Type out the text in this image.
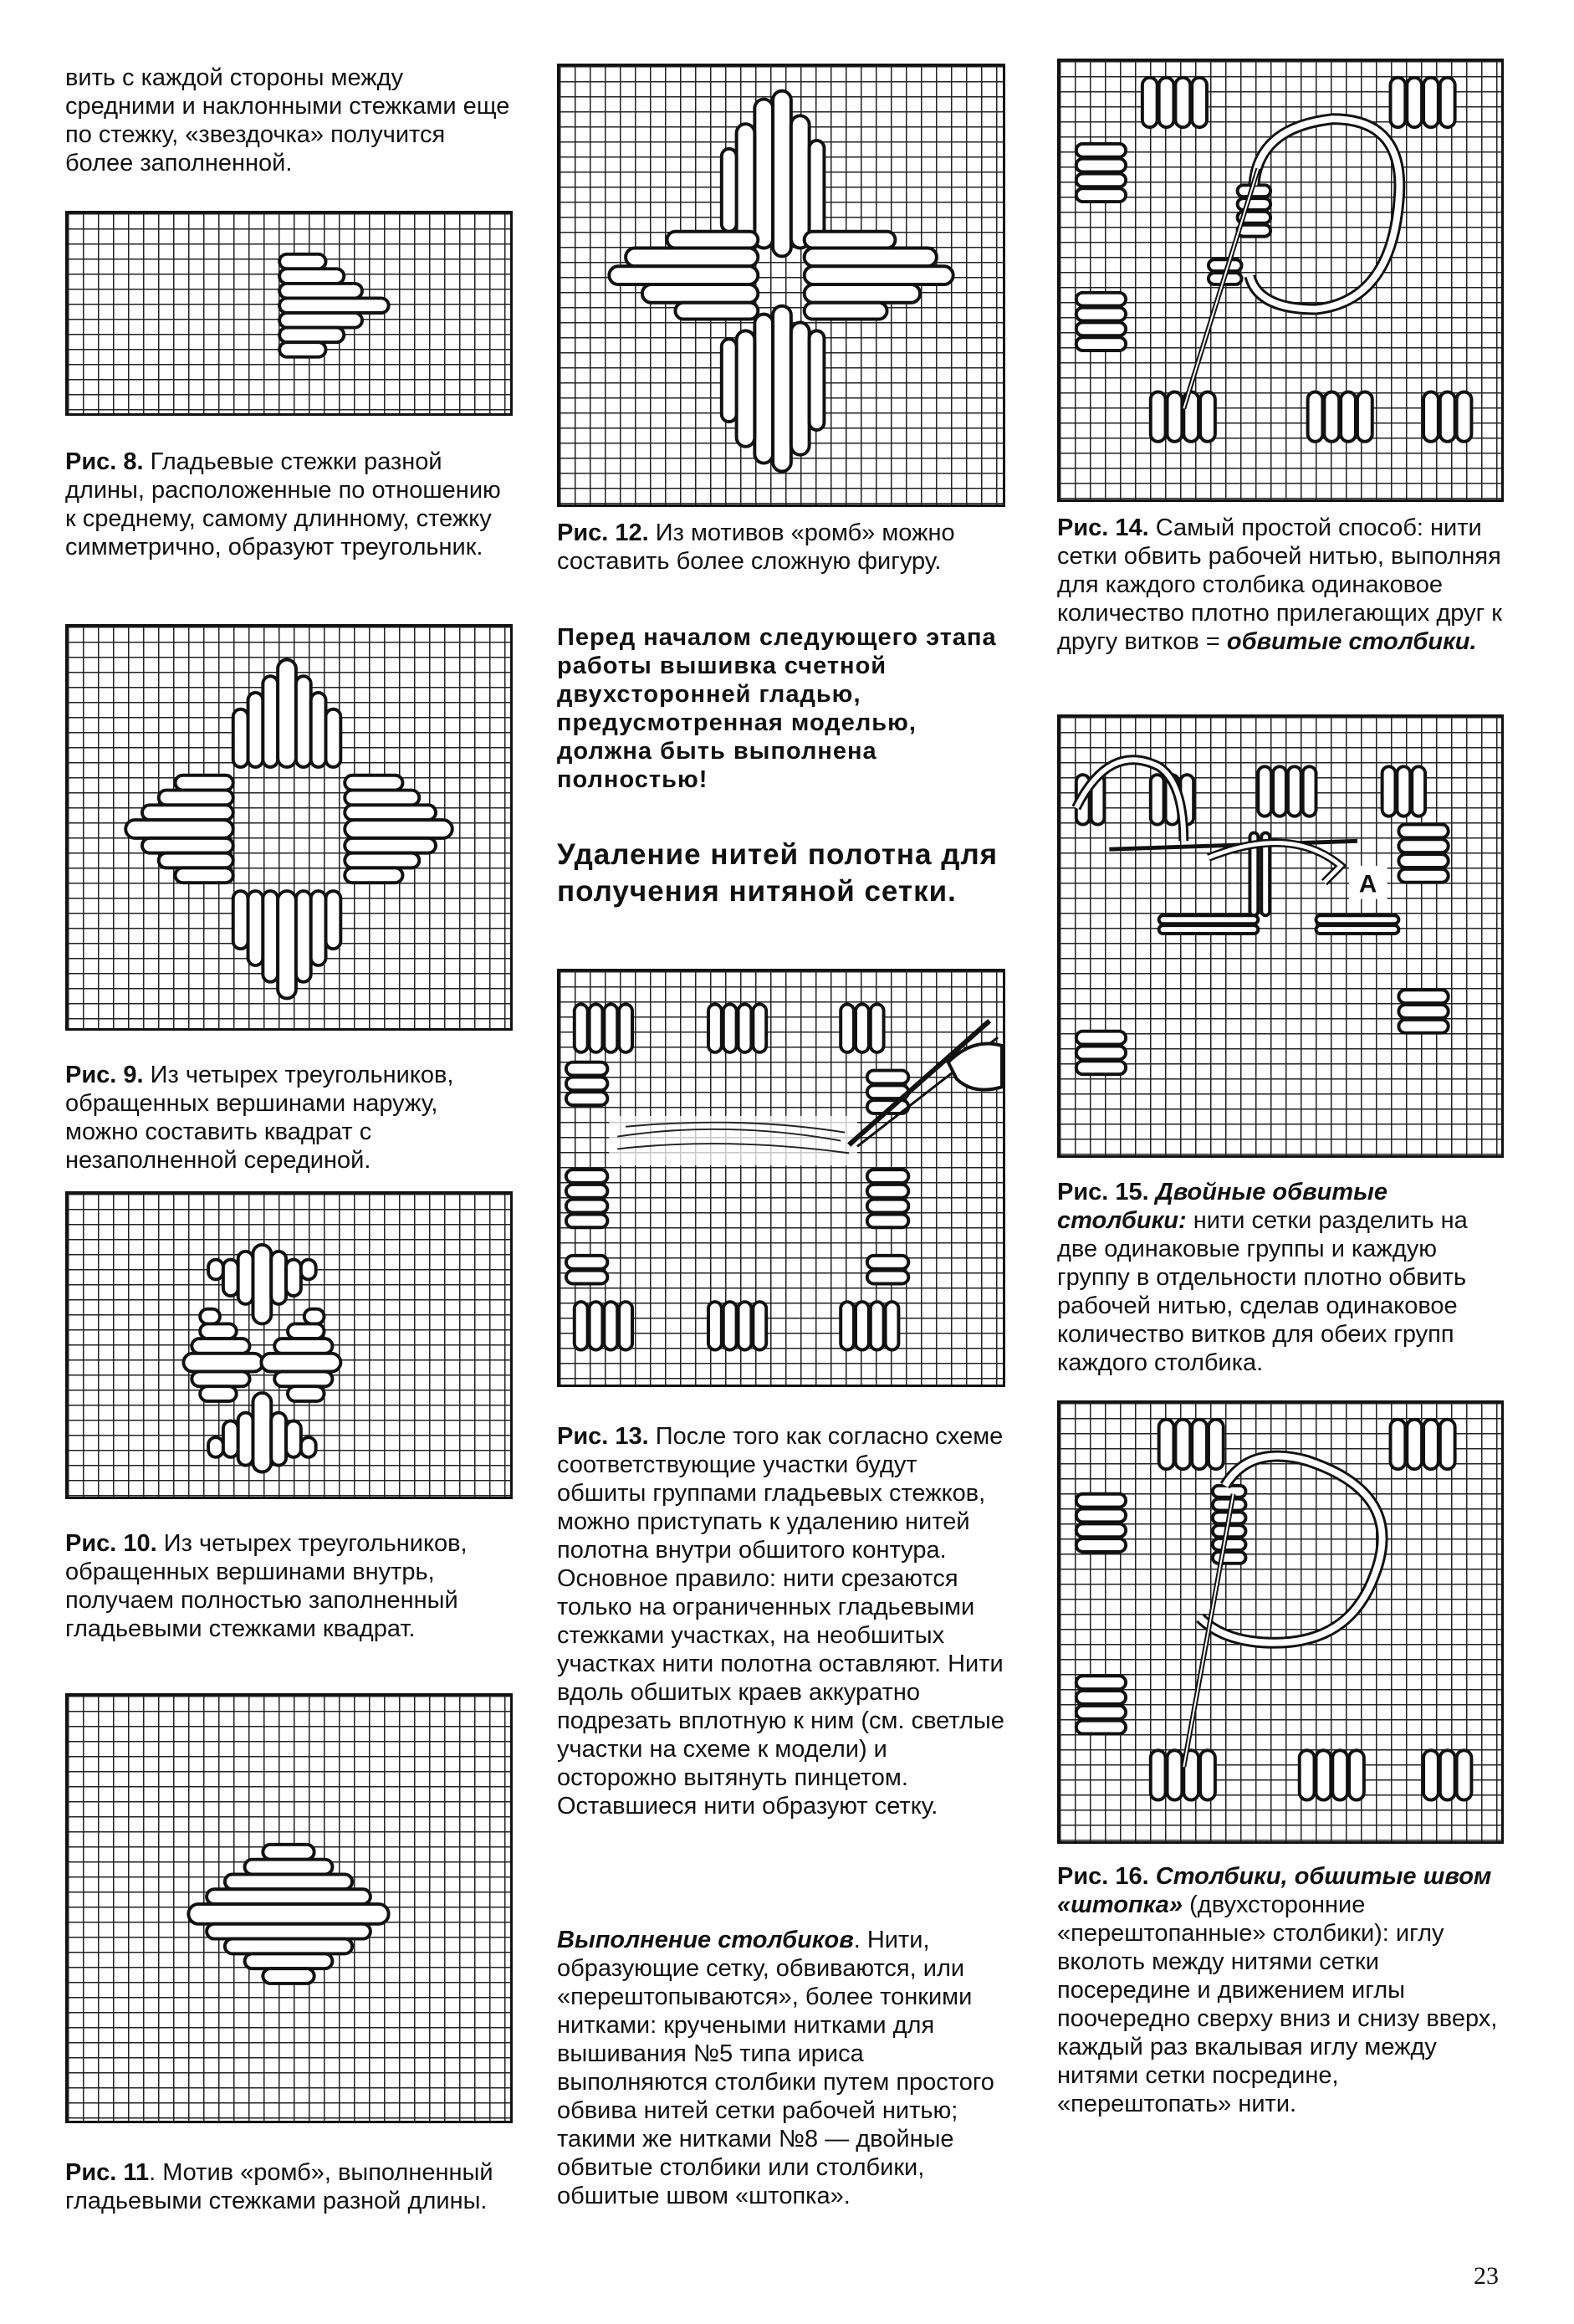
вить с каждой стороны между средними и наклонными стежками еще по стежку, «звездочка» получится более заполненной.

Рис. 8. Гладьевые стежки разной длины, расположенные по отношению к среднему, самому длинному, стежку симметрично, образуют треугольник.

Рис. 9. Из четырех треугольников, обращенных вершинами наружу, можно составить квадрат с незаполненной серединой.

Рис. 10. Из четырех треугольников, обращенных вершинами внутрь, получаем полностью заполненный гладьевыми стежками квадрат.

Рис. 11. Мотив «ромб», выполненный гладьевыми стежками разной длины.

Рис. 12. Из мотивов «ромб» можно составить более сложную фигуру.

Перед началом следующего этапа работы вышивка счетной двухсторонней гладью, предусмотренная моделью, должна быть выполнена полностью!

Удаление нитей полотна для получения нитяной сетки.

Рис. 13. После того как согласно схеме соответствующие участки будут обшиты группами гладьевых стежков, можно приступать к удалению нитей полотна внутри обшитого контура. Основное правило: нити срезаются только на ограниченных гладьевыми стежками участках, на необшитых участках нити полотна оставляют. Нити вдоль обшитых краев аккуратно подрезать вплотную к ним (см. светлые участки на схеме к модели) и осторожно вытянуть пинцетом. Оставшиеся нити образуют сетку.

Выполнение столбиков. Нити, образующие сетку, обвиваются, или «перештопываются», более тонкими нитками: кручеными нитками для вышивания №5 типа ириса выполняются столбики путем простого обвива нитей сетки рабочей нитью; такими же нитками №8 — двойные обвитые столбики или столбики, обшитые швом «штопка».

Рис. 14. Самый простой способ: нити сетки обвить рабочей нитью, выполняя для каждого столбика одинаковое количество плотно прилегающих друг к другу витков = обвитые столбики.

A

Рис. 15. Двойные обвитые столбики: нити сетки разделить на две одинаковые группы и каждую группу в отдельности плотно обвить рабочей нитью, сделав одинаковое количество витков для обеих групп каждого столбика.

Рис. 16. Столбики, обшитые швом «штопка» (двухсторонние «перештопанные» столбики): иглу вколоть между нитями сетки посередине и движением иглы поочередно сверху вниз и снизу вверх, каждый раз вкалывая иглу между нитями сетки посредине, «перештопать» нити.

23
